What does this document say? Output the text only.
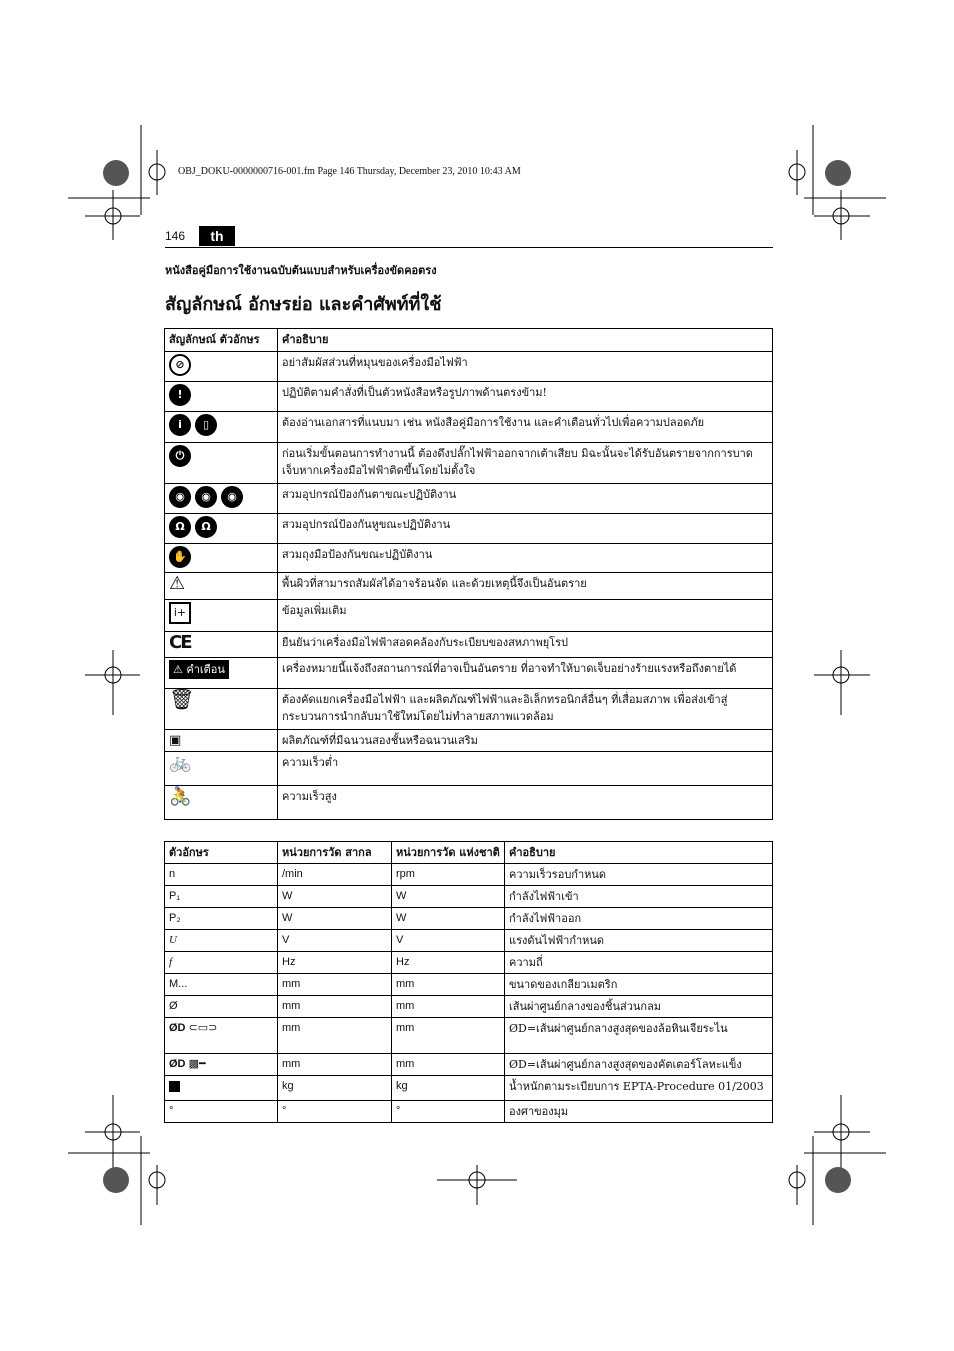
OBJ_DOKU-0000000716-001.fm Page 146 Thursday, December 23, 2010 10:43 AM
146	th
หนังสือคู่มือการใช้งานฉบับต้นแบบสำหรับเครื่องขัดคอตรง
สัญลักษณ์ อักษรย่อ และคำศัพท์ที่ใช้
สัญลักษณ์ ตัวอักษร	คำอธิบาย
⊘	อย่าสัมผัสส่วนที่หมุนของเครื่องมือไฟฟ้า
!	ปฏิบัติตามคำสั่งที่เป็นตัวหนังสือหรือรูปภาพด้านตรงข้าม!

i ▯	ต้องอ่านเอกสารที่แนบมา เช่น หนังสือคู่มือการใช้งาน และคำเตือนทั่วไปเพื่อความปลอดภัย
⏻	ก่อนเริ่มขั้นตอนการทำงานนี้ ต้องดึงปลั๊กไฟฟ้าออกจากเต้าเสียบ มิฉะนั้นจะได้รับอันตรายจากการบาดเจ็บหากเครื่องมือไฟฟ้าติดขึ้นโดยไม่ตั้งใจ

◉ ◉ ◉	สวมอุปกรณ์ป้องกันตาขณะปฏิบัติงาน

Ω Ω	สวมอุปกรณ์ป้องกันหูขณะปฏิบัติงาน
✋	สวมถุงมือป้องกันขณะปฏิบัติงาน
⚠	พื้นผิวที่สามารถสัมผัสได้อาจร้อนจัด และด้วยเหตุนี้จึงเป็นอันตราย
i+	ข้อมูลเพิ่มเติม
CE	ยืนยันว่าเครื่องมือไฟฟ้าสอดคล้องกับระเบียบของสหภาพยุโรป
⚠ คำเตือน	เครื่องหมายนี้แจ้งถึงสถานการณ์ที่อาจเป็นอันตราย ที่อาจทำให้บาดเจ็บอย่างร้ายแรงหรือถึงตายได้
🗑	ต้องคัดแยกเครื่องมือไฟฟ้า และผลิตภัณฑ์ไฟฟ้าและอิเล็กทรอนิกส์อื่นๆ ที่เสื่อมสภาพ เพื่อส่งเข้าสู่กระบวนการนำกลับมาใช้ใหม่โดยไม่ทำลายสภาพแวดล้อม
▣	ผลิตภัณฑ์ที่มีฉนวนสองชั้นหรือฉนวนเสริม
🚲	ความเร็วต่ำ
🚴	ความเร็วสูง
ตัวอักษร	หน่วยการวัด สากล	หน่วยการวัด แห่งชาติ	คำอธิบาย
n	/min	rpm	ความเร็วรอบกำหนด
P₁	W	W	กำลังไฟฟ้าเข้า
P₂	W	W	กำลังไฟฟ้าออก
U	V	V	แรงดันไฟฟ้ากำหนด
f	Hz	Hz	ความถี่
M...	mm	mm	ขนาดของเกลียวเมตริก
Ø	mm	mm	เส้นผ่าศูนย์กลางของชิ้นส่วนกลม
ØD ⊂▭⊃	mm	mm	ØD=เส้นผ่าศูนย์กลางสูงสุดของล้อหินเจียระไน
ØD ▩━	mm	mm	ØD=เส้นผ่าศูนย์กลางสูงสุดของคัตเตอร์โลหะแข็ง
	kg	kg	น้ำหนักตามระเบียบการ EPTA-Procedure 01/2003
°	°	°	องศาของมุม
